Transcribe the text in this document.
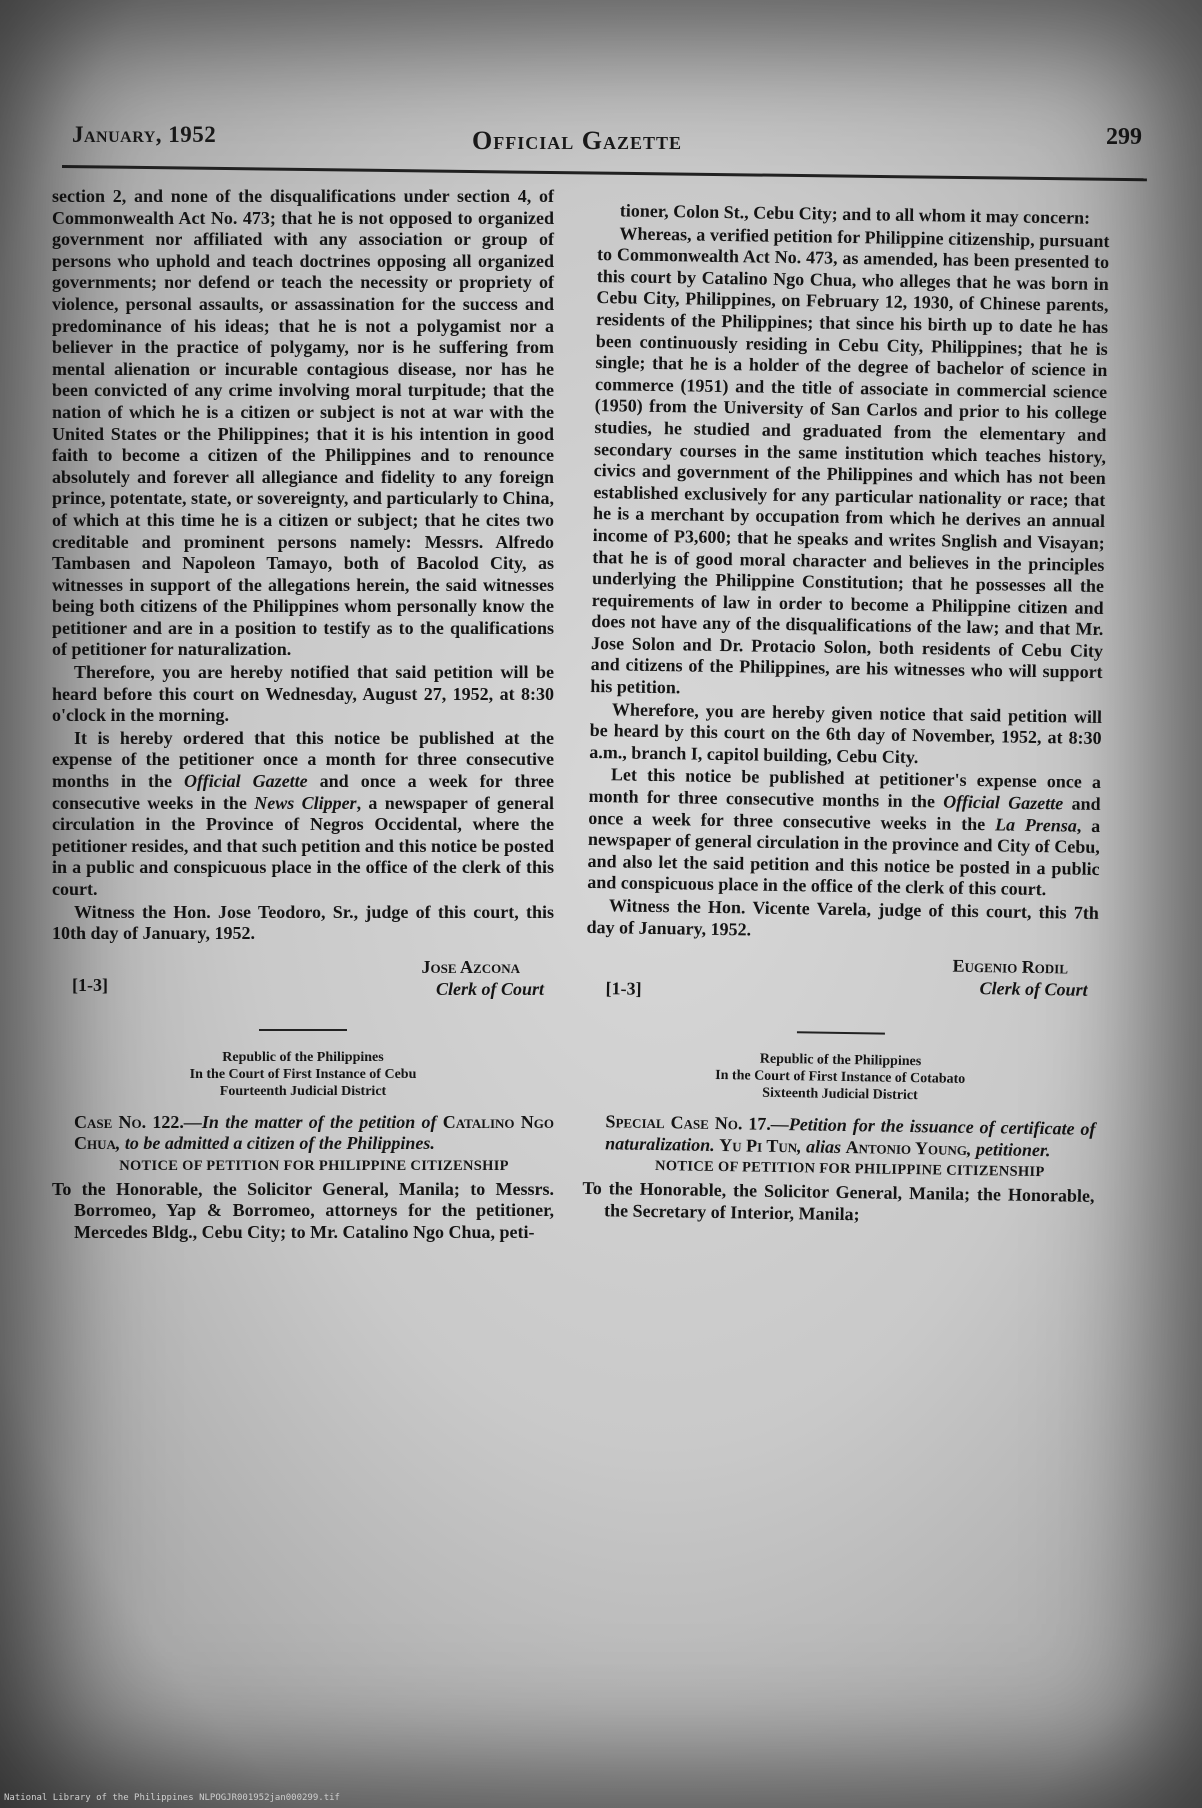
January, 1952	Official Gazette	299

section 2, and none of the disqualifications under section 4, of Commonwealth Act No. 473; that he is not opposed to organized government nor affiliated with any association or group of persons who uphold and teach doctrines opposing all organized governments; nor defend or teach the necessity or propriety of violence, personal assaults, or assassination for the success and predominance of his ideas; that he is not a polygamist nor a believer in the practice of polygamy, nor is he suffering from mental alienation or incurable contagious disease, nor has he been convicted of any crime involving moral turpitude; that the nation of which he is a citizen or subject is not at war with the United States or the Philippines; that it is his intention in good faith to become a citizen of the Philippines and to renounce absolutely and forever all allegiance and fidelity to any foreign prince, potentate, state, or sovereignty, and particularly to China, of which at this time he is a citizen or subject; that he cites two creditable and prominent persons namely: Messrs. Alfredo Tambasen and Napoleon Tamayo, both of Bacolod City, as witnesses in support of the allegations herein, the said witnesses being both citizens of the Philippines whom personally know the petitioner and are in a position to testify as to the qualifications of petitioner for naturalization.

Therefore, you are hereby notified that said petition will be heard before this court on Wednesday, August 27, 1952, at 8:30 o'clock in the morning.

It is hereby ordered that this notice be published at the expense of the petitioner once a month for three consecutive months in the Official Gazette and once a week for three consecutive weeks in the News Clipper, a newspaper of general circulation in the Province of Negros Occidental, where the petitioner resides, and that such petition and this notice be posted in a public and conspicuous place in the office of the clerk of this court.

Witness the Hon. Jose Teodoro, Sr., judge of this court, this 10th day of January, 1952.

[1-3]
Jose Azcona
Clerk of Court
Republic of the Philippines
In the Court of First Instance of Cebu
Fourteenth Judicial District

Case No. 122.—In the matter of the petition of Catalino Ngo Chua, to be admitted a citizen of the Philippines.

NOTICE OF PETITION FOR PHILIPPINE CITIZENSHIP

To the Honorable, the Solicitor General, Manila; to Messrs. Borromeo, Yap & Borromeo, attorneys for the petitioner, Mercedes Bldg., Cebu City; to Mr. Catalino Ngo Chua, peti-

tioner, Colon St., Cebu City; and to all whom it may concern:

Whereas, a verified petition for Philippine citizenship, pursuant to Commonwealth Act No. 473, as amended, has been presented to this court by Catalino Ngo Chua, who alleges that he was born in Cebu City, Philippines, on February 12, 1930, of Chinese parents, residents of the Philippines; that since his birth up to date he has been continuously residing in Cebu City, Philippines; that he is single; that he is a holder of the degree of bachelor of science in commerce (1951) and the title of associate in commercial science (1950) from the University of San Carlos and prior to his college studies, he studied and graduated from the elementary and secondary courses in the same institution which teaches history, civics and government of the Philippines and which has not been established exclusively for any particular nationality or race; that he is a merchant by occupation from which he derives an annual income of P3,600; that he speaks and writes Snglish and Visayan; that he is of good moral character and believes in the principles underlying the Philippine Constitution; that he possesses all the requirements of law in order to become a Philippine citizen and does not have any of the disqualifications of the law; and that Mr. Jose Solon and Dr. Protacio Solon, both residents of Cebu City and citizens of the Philippines, are his witnesses who will support his petition.

Wherefore, you are hereby given notice that said petition will be heard by this court on the 6th day of November, 1952, at 8:30 a.m., branch I, capitol building, Cebu City.

Let this notice be published at petitioner's expense once a month for three consecutive months in the Official Gazette and once a week for three consecutive weeks in the La Prensa, a newspaper of general circulation in the province and City of Cebu, and also let the said petition and this notice be posted in a public and conspicuous place in the office of the clerk of this court.

Witness the Hon. Vicente Varela, judge of this court, this 7th day of January, 1952.

[1-3]
Eugenio Rodil
Clerk of Court
Republic of the Philippines
In the Court of First Instance of Cotabato
Sixteenth Judicial District

Special Case No. 17.—Petition for the issuance of certificate of naturalization. Yu Pi Tun, alias Antonio Young, petitioner.

NOTICE OF PETITION FOR PHILIPPINE CITIZENSHIP

To the Honorable, the Solicitor General, Manila; the Honorable, the Secretary of Interior, Manila;

National Library of the Philippines NLPOGJR001952jan000299.tif
